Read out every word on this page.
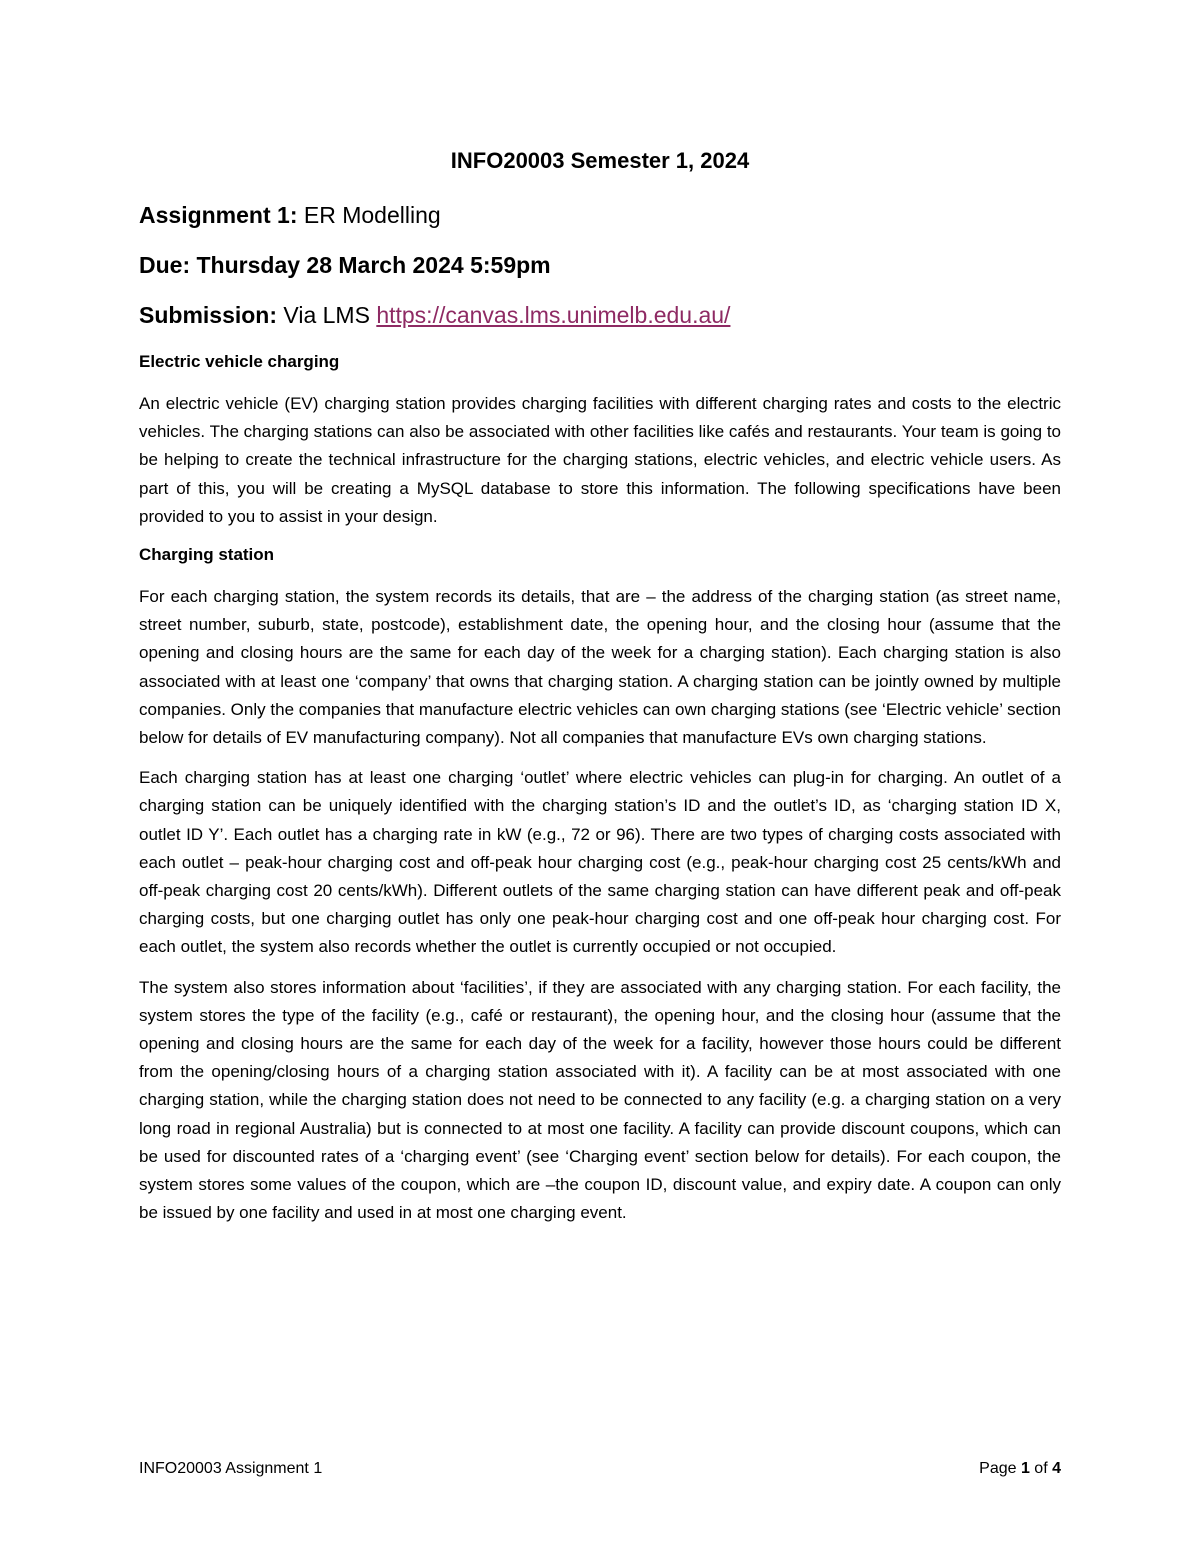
INFO20003 Semester 1, 2024
Assignment 1: ER Modelling
Due: Thursday 28 March 2024 5:59pm
Submission: Via LMS https://canvas.lms.unimelb.edu.au/
Electric vehicle charging

An electric vehicle (EV) charging station provides charging facilities with different charging rates and costs to the electric vehicles. The charging stations can also be associated with other facilities like cafés and restaurants. Your team is going to be helping to create the technical infrastructure for the charging stations, electric vehicles, and electric vehicle users. As part of this, you will be creating a MySQL database to store this information. The following specifications have been provided to you to assist in your design.

Charging station

For each charging station, the system records its details, that are – the address of the charging station (as street name, street number, suburb, state, postcode), establishment date, the opening hour, and the closing hour (assume that the opening and closing hours are the same for each day of the week for a charging station). Each charging station is also associated with at least one ‘company’ that owns that charging station. A charging station can be jointly owned by multiple companies. Only the companies that manufacture electric vehicles can own charging stations (see ‘Electric vehicle’ section below for details of EV manufacturing company). Not all companies that manufacture EVs own charging stations.

Each charging station has at least one charging ‘outlet’ where electric vehicles can plug-in for charging. An outlet of a charging station can be uniquely identified with the charging station’s ID and the outlet’s ID, as ‘charging station ID X, outlet ID Y’. Each outlet has a charging rate in kW (e.g., 72 or 96). There are two types of charging costs associated with each outlet – peak-hour charging cost and off-peak hour charging cost (e.g., peak-hour charging cost 25 cents/kWh and off-peak charging cost 20 cents/kWh). Different outlets of the same charging station can have different peak and off-peak charging costs, but one charging outlet has only one peak-hour charging cost and one off-peak hour charging cost. For each outlet, the system also records whether the outlet is currently occupied or not occupied.

The system also stores information about ‘facilities’, if they are associated with any charging station. For each facility, the system stores the type of the facility (e.g., café or restaurant), the opening hour, and the closing hour (assume that the opening and closing hours are the same for each day of the week for a facility, however those hours could be different from the opening/closing hours of a charging station associated with it). A facility can be at most associated with one charging station, while the charging station does not need to be connected to any facility (e.g. a charging station on a very long road in regional Australia) but is connected to at most one facility. A facility can provide discount coupons, which can be used for discounted rates of a ‘charging event’ (see ‘Charging event’ section below for details). For each coupon, the system stores some values of the coupon, which are –the coupon ID, discount value, and expiry date. A coupon can only be issued by one facility and used in at most one charging event.

INFO20003 Assignment 1	Page 1 of 4
